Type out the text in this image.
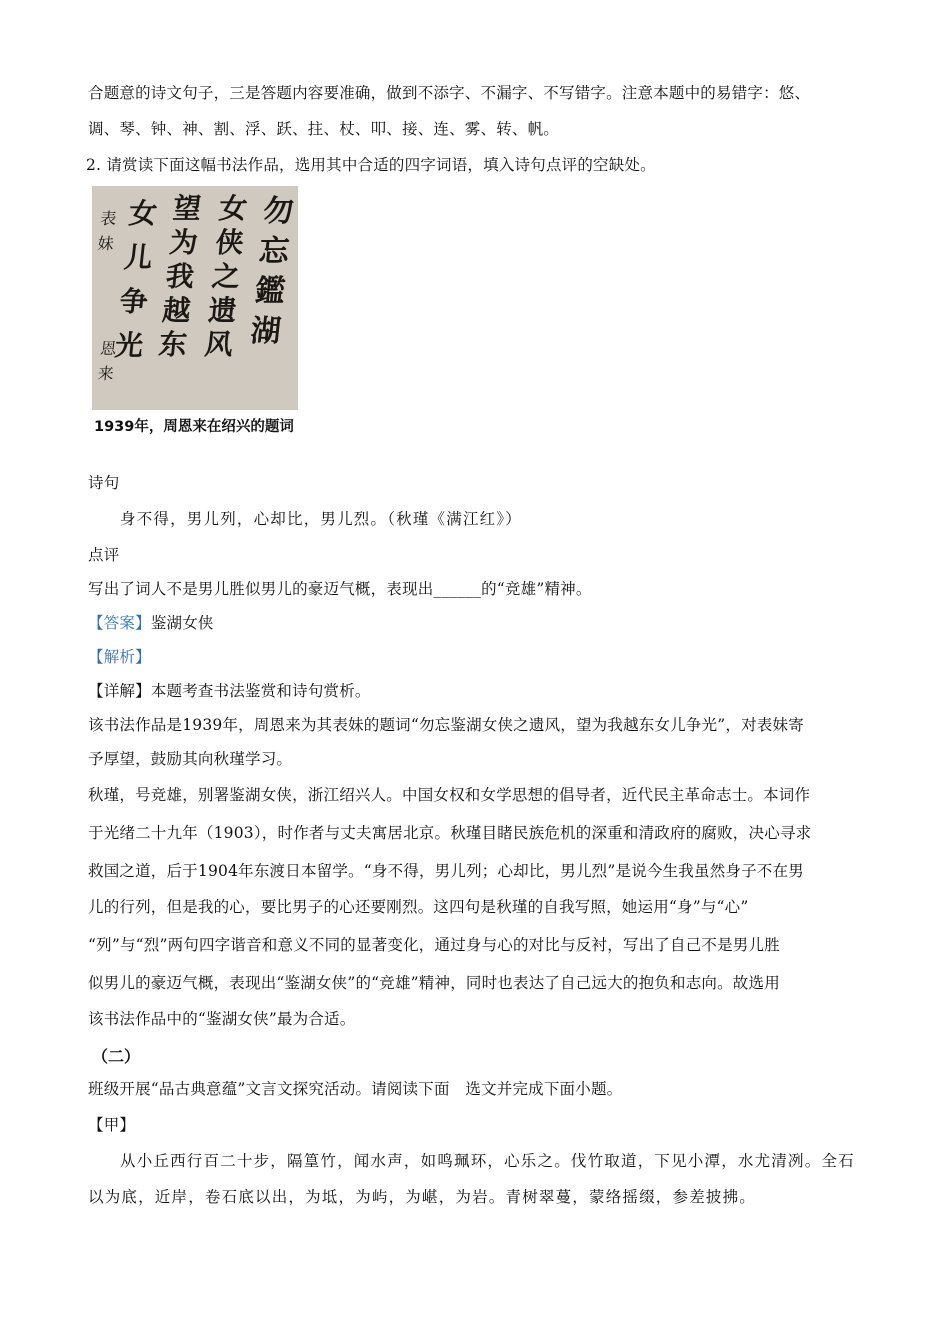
合题意的诗文句子，三是答题内容要准确，做到不添字、不漏字、不写错字。注意本题中的易错字：悠、
调、琴、钟、神、割、浮、跃、拄、杖、叩、接、连、雾、转、帆。
2. 请赏读下面这幅书法作品，选用其中合适的四字词语，填入诗句点评的空缺处。
勿忘鑑湖
女侠之遗风
望为我越东
女儿争光
表妹
恩来
1939年，周恩来在绍兴的题词
诗句
身不得，男儿列，心却比，男儿烈。（秋瑾《满江红》）
点评
写出了词人不是男儿胜似男儿的豪迈气概，表现出______的“竞雄”精神。
【答案】鉴湖女侠
【解析】
【详解】本题考查书法鉴赏和诗句赏析。
该书法作品是1939年，周恩来为其表妹的题词“勿忘鉴湖女侠之遗风，望为我越东女儿争光”，对表妹寄
予厚望，鼓励其向秋瑾学习。
秋瑾，号竞雄，别署鉴湖女侠，浙江绍兴人。中国女权和女学思想的倡导者，近代民主革命志士。本词作
于光绪二十九年（1903），时作者与丈夫寓居北京。秋瑾目睹民族危机的深重和清政府的腐败，决心寻求
救国之道，后于1904年东渡日本留学。“身不得，男儿列；心却比，男儿烈”是说今生我虽然身子不在男
儿的行列，但是我的心，要比男子的心还要刚烈。这四句是秋瑾的自我写照，她运用“身”与“心”
“列”与“烈”两句四字谐音和意义不同的显著变化，通过身与心的对比与反衬，写出了自己不是男儿胜
似男儿的豪迈气概，表现出“鉴湖女侠”的“竞雄”精神，同时也表达了自己远大的抱负和志向。故选用
该书法作品中的“鉴湖女侠”最为合适。
（二）
班级开展“品古典意蕴”文言文探究活动。请阅读下面　选文并完成下面小题。
【甲】
从小丘西行百二十步，隔篁竹，闻水声，如鸣珮环，心乐之。伐竹取道，下见小潭，水尤清冽。全石
以为底，近岸，卷石底以出，为坻，为屿，为嵁，为岩。青树翠蔓，蒙络摇缀，参差披拂。
